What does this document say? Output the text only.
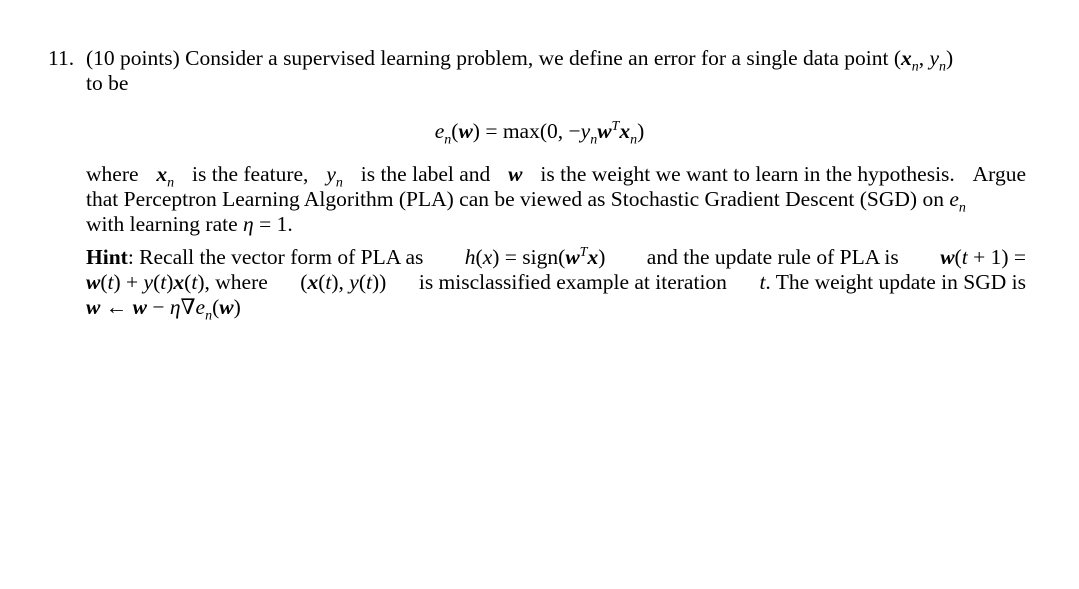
11. (10 points) Consider a supervised learning problem, we define an error for a single data point ($x_n$, $y_n$)
to be
$e_n(w) = \max(0$, $-y_nw^Tx_n$)
where $x_n$ is the feature, $y_n$ is the label and w is the weight we want to learn in the hypothesis. Argue
that Perceptron Learning Algorithm (PLA) can be viewed as Stochastic Gradient Descent (SGD) on $e_n$
with learning rate η = 1.
Hint: Recall the vector form of PLA as $h(x) = sign(w^Tx)$ and the update rule of PLA is w(t + 1) =
w(t) + y(t)x(t), where (x(t), y(t)) is misclassified example at iteration t. The weight update in SGD is
w ← $w - \eta\nabla e_n(w)$
